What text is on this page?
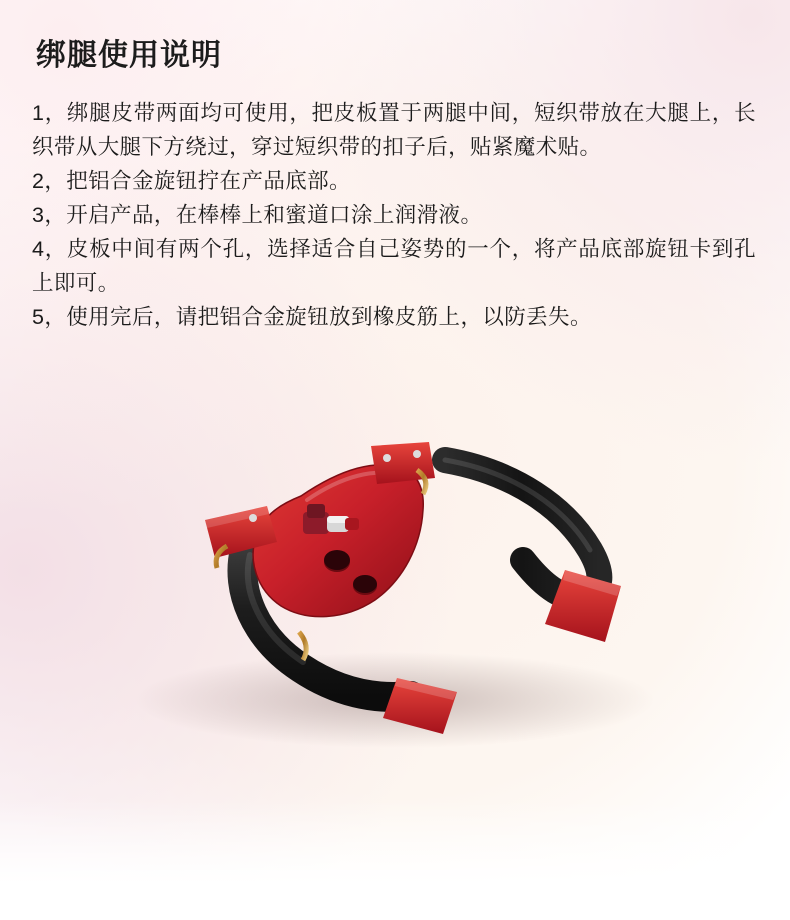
绑腿使用说明
1，绑腿皮带两面均可使用，把皮板置于两腿中间，短织带放在大腿上，长织带从大腿下方绕过，穿过短织带的扣子后，贴紧魔术贴。
2，把铝合金旋钮拧在产品底部。
3，开启产品，在棒棒上和蜜道口涂上润滑液。
4，皮板中间有两个孔，选择适合自己姿势的一个，将产品底部旋钮卡到孔上即可。
5，使用完后，请把铝合金旋钮放到橡皮筋上，以防丢失。
